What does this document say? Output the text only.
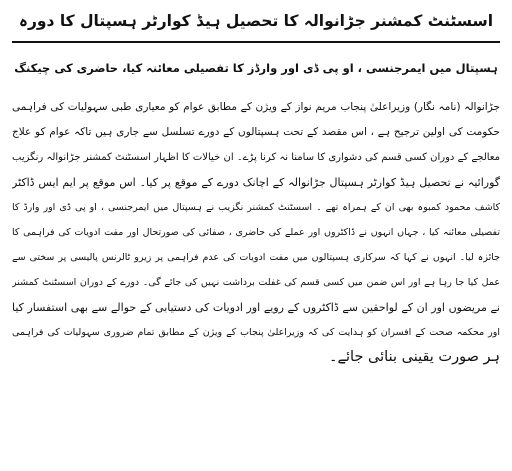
اسسٹنٹ کمشنر جڑانوالہ کا تحصیل ہیڈ کوارٹر ہسپتال کا دورہ
ہسپتال میں ایمرجنسی ، او پی ڈی اور وارڈز کا تفصیلی معائنہ کیا، حاضری کی چیکنگ

جڑانوالہ (نامہ نگار) وزیراعلیٰ پنجاب مریم نواز کے ویژن کے مطابق عوام کو معیاری طبی سہولیات کی فراہمی
حکومت کی اولین ترجیح ہے ، اس مقصد کے تحت ہسپتالوں کے دورے تسلسل سے جاری ہیں تاکہ عوام کو علاج
معالجے کے دوران کسی قسم کی دشواری کا سامنا نہ کرنا پڑے۔ ان خیالات کا اظہار اسسٹنٹ کمشنر جڑانوالہ رنگزیب
گورائیہ نے تحصیل ہیڈ کوارٹر ہسپتال جڑانوالہ کے اچانک دورے کے موقع پر کیا۔ اس موقع پر ایم ایس ڈاکٹر
کاشف محمود کمبوہ بھی ان کے ہمراہ تھے ۔ اسسٹنٹ کمشنر نگزیب نے ہسپتال میں ایمرجنسی ، او پی ڈی اور وارڈ کا
تفصیلی معائنہ کیا ، جہاں انہوں نے ڈاکٹروں اور عملے کی حاضری ، صفائی کی صورتحال اور مفت ادویات کی فراہمی کا
جائزہ لیا۔ انہوں نے کہا کہ سرکاری ہسپتالوں میں مفت ادویات کی عدم فراہمی پر زیرو ٹالرنس پالیسی پر سختی سے
عمل کیا جا رہا ہے اور اس ضمن میں کسی قسم کی غفلت برداشت نہیں کی جائے گی۔ دورے کے دوران اسسٹنٹ کمشنر
نے مریضوں اور ان کے لواحقین سے ڈاکٹروں کے رویے اور ادویات کی دستیابی کے حوالے سے بھی استفسار کیا
اور محکمہ صحت کے افسران کو ہدایت کی کہ وزیراعلیٰ پنجاب کے ویژن کے مطابق تمام ضروری سہولیات کی فراہمی
ہر صورت یقینی بنائی جائے۔
